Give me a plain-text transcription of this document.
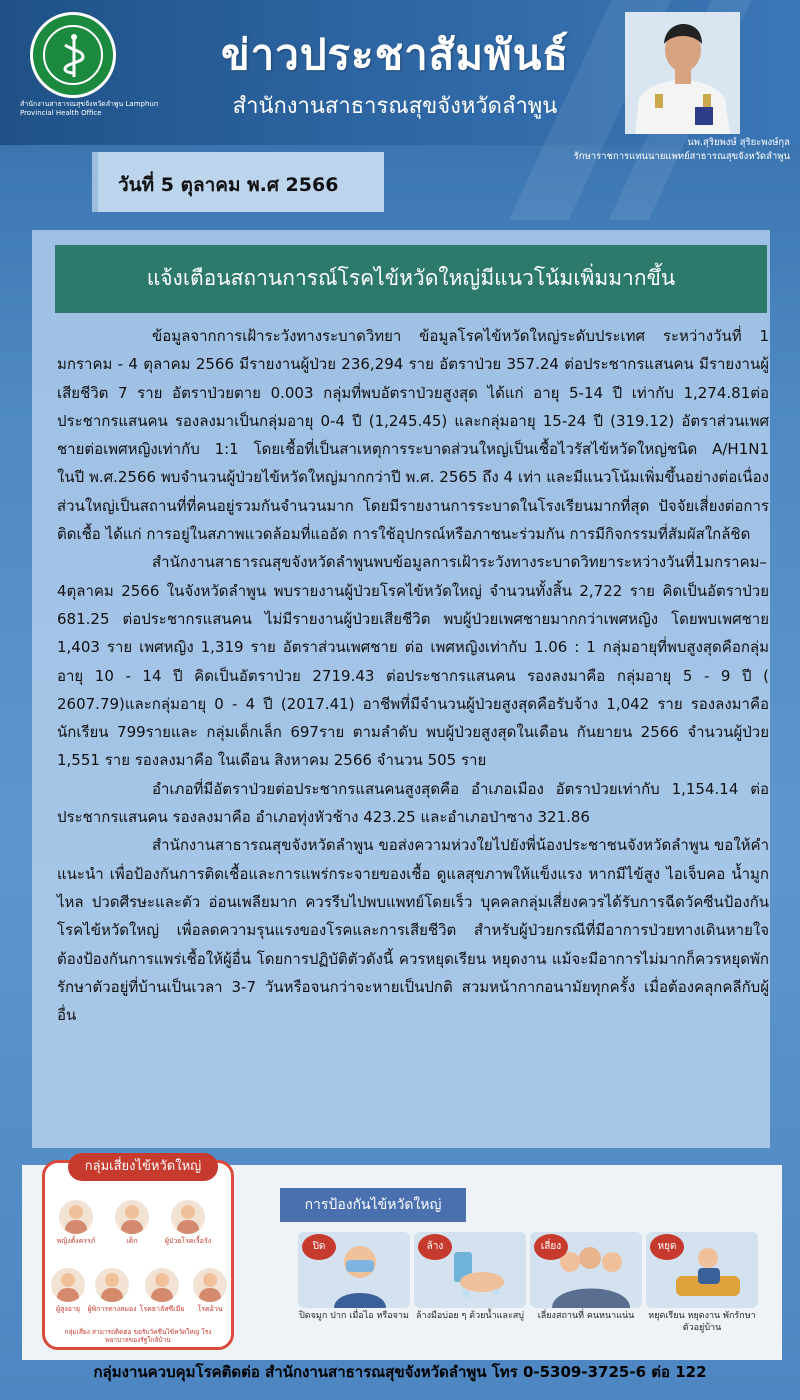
สำนักงานสาธารณสุขจังหวัดลำพูน Lamphun Provincial Health Office
ข่าวประชาสัมพันธ์
สำนักงานสาธารณสุขจังหวัดลำพูน
นพ.สุริยพงษ์ สุริยะพงษ์กุล
รักษาราชการแทนนายแพทย์สาธารณสุขจังหวัดลำพูน
วันที่ 5 ตุลาคม พ.ศ 2566
แจ้งเตือนสถานการณ์โรคไข้หวัดใหญ่มีแนวโน้มเพิ่มมากขึ้น

ข้อมูลจากการเฝ้าระวังทางระบาดวิทยา ข้อมูลโรคไข้หวัดใหญ่ระดับประเทศ ระหว่างวันที่ 1 มกราคม - 4 ตุลาคม 2566 มีรายงานผู้ป่วย 236,294 ราย อัตราป่วย 357.24 ต่อประชากรแสนคน มีรายงานผู้เสียชีวิต 7 ราย อัตราป่วยตาย 0.003 กลุ่มที่พบอัตราป่วยสูงสุด ได้แก่ อายุ 5-14 ปี เท่ากับ 1,274.81ต่อประชากรแสนคน รองลงมาเป็นกลุ่มอายุ 0-4 ปี (1,245.45) และกลุ่มอายุ 15-24 ปี (319.12) อัตราส่วนเพศชายต่อเพศหญิงเท่ากับ 1:1 โดยเชื้อที่เป็นสาเหตุการระบาดส่วนใหญ่เป็นเชื้อไวรัสไข้หวัดใหญ่ชนิด A/H1N1 ในปี พ.ศ.2566 พบจำนวนผู้ป่วยไข้หวัดใหญ่มากกว่าปี พ.ศ. 2565 ถึง 4 เท่า และมีแนวโน้มเพิ่มขึ้นอย่างต่อเนื่อง ส่วนใหญ่เป็นสถานที่ที่คนอยู่รวมกันจำนวนมาก โดยมีรายงานการระบาดในโรงเรียนมากที่สุด ปัจจัยเสี่ยงต่อการติดเชื้อ ได้แก่ การอยู่ในสภาพแวดล้อมที่แออัด การใช้อุปกรณ์หรือภาชนะร่วมกัน การมีกิจกรรมที่สัมผัสใกล้ชิด

สำนักงานสาธารณสุขจังหวัดลำพูนพบข้อมูลการเฝ้าระวังทางระบาดวิทยาระหว่างวันที่1มกราคม–4ตุลาคม 2566 ในจังหวัดลำพูน พบรายงานผู้ป่วยโรคไข้หวัดใหญ่ จำนวนทั้งสิ้น 2,722 ราย คิดเป็นอัตราป่วย 681.25 ต่อประชากรแสนคน ไม่มีรายงานผู้ป่วยเสียชีวิต พบผู้ป่วยเพศชายมากกว่าเพศหญิง โดยพบเพศชาย 1,403 ราย เพศหญิง 1,319 ราย อัตราส่วนเพศชาย ต่อ เพศหญิงเท่ากับ 1.06 : 1 กลุ่มอายุที่พบสูงสุดคือกลุ่มอายุ 10 - 14 ปี คิดเป็นอัตราป่วย 2719.43 ต่อประชากรแสนคน รองลงมาคือ กลุ่มอายุ 5 - 9 ปี ( 2607.79)และกลุ่มอายุ 0 - 4 ปี (2017.41) อาชีพที่มีจำนวนผู้ป่วยสูงสุดคือรับจ้าง 1,042 ราย รองลงมาคือ นักเรียน 799รายและ กลุ่มเด็กเล็ก 697ราย ตามลำดับ พบผู้ป่วยสูงสุดในเดือน กันยายน 2566 จำนวนผู้ป่วย 1,551 ราย รองลงมาคือ ในเดือน สิงหาคม 2566 จำนวน 505 ราย

อำเภอที่มีอัตราป่วยต่อประชากรแสนคนสูงสุดคือ อำเภอเมือง อัตราป่วยเท่ากับ 1,154.14 ต่อประชากรแสนคน รองลงมาคือ อำเภอทุ่งหัวช้าง 423.25 และอำเภอป่าซาง 321.86

สำนักงานสาธารณสุขจังหวัดลำพูน ขอส่งความห่วงใยไปยังพี่น้องประชาชนจังหวัดลำพูน ขอให้คำแนะนำ เพื่อป้องกันการติดเชื้อและการแพร่กระจายของเชื้อ ดูแลสุขภาพให้แข็งแรง หากมีไข้สูง ไอเจ็บคอ น้ำมูกไหล ปวดศีรษะและตัว อ่อนเพลียมาก ควรรีบไปพบแพทย์โดยเร็ว บุคคลกลุ่มเสี่ยงควรได้รับการฉีดวัคซีนป้องกันโรคไข้หวัดใหญ่ เพื่อลดความรุนแรงของโรคและการเสียชีวิต สำหรับผู้ป่วยกรณีที่มีอาการป่วยทางเดินหายใจ ต้องป้องกันการแพร่เชื้อให้ผู้อื่น โดยการปฏิบัติตัวดังนี้ ควรหยุดเรียน หยุดงาน แม้จะมีอาการไม่มากก็ควรหยุดพักรักษาตัวอยู่ที่บ้านเป็นเวลา 3-7 วันหรือจนกว่าจะหายเป็นปกติ สวมหน้ากากอนามัยทุกครั้ง เมื่อต้องคลุกคลีกับผู้อื่น

กลุ่มเสี่ยงไข้หวัดใหญ่
หญิงตั้งครรภ์	เด็ก	ผู้ป่วยโรคเรื้อรัง
ผู้สูงอายุ	ผู้พิการทางสมอง โรคธาลัสซีเมีย	โรคอ้วน
กลุ่มเสี่ยง สามารถติดต่อ ขอรับวัคซีนไข้หวัดใหญ่ โรงพยาบาลของรัฐใกล้บ้าน
การป้องกันไข้หวัดใหญ่
ปิด
ปิดจมูก ปาก เมื่อไอ หรือจาม
ล้าง
ล้างมือบ่อย ๆ ด้วยน้ำและสบู่
เลี่ยง
เลี่ยงสถานที่ คนหนาแน่น
หยุด
หยุดเรียน หยุดงาน พักรักษาตัวอยู่บ้าน
กลุ่มงานควบคุมโรคติดต่อ สำนักงานสาธารณสุขจังหวัดลำพูน โทร 0-5309-3725-6 ต่อ 122
